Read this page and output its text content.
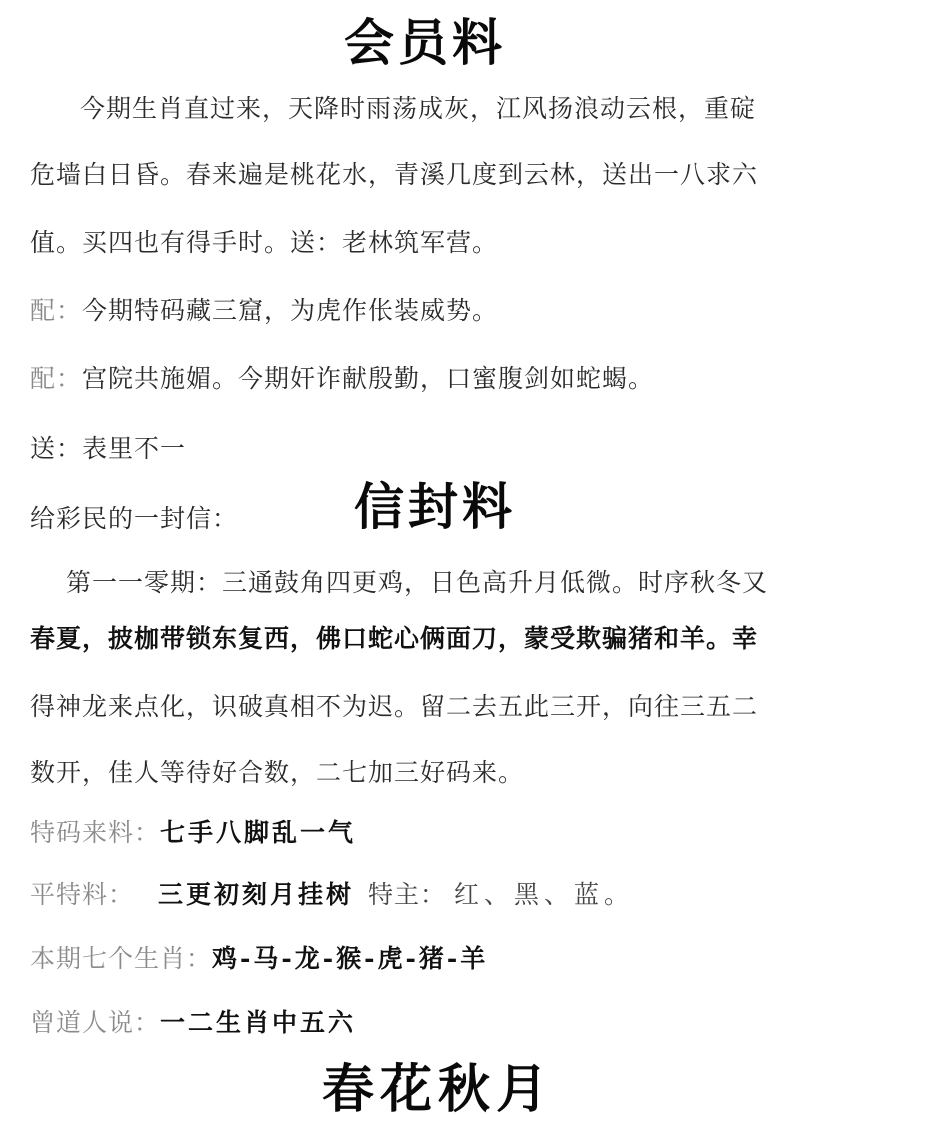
会员料
今期生肖直过来，天降时雨荡成灰，江风扬浪动云根，重碇
危墙白日昏。春来遍是桃花水，青溪几度到云林，送出一八求六
值。买四也有得手时。送：老林筑军营。
配：今期特码藏三窟，为虎作伥装威势。
配：宫院共施媚。今期奸诈献殷勤，口蜜腹剑如蛇蝎。
送：表里不一
给彩民的一封信： 信封料
第一一零期：三通鼓角四更鸡，日色高升月低微。时序秋冬又
春夏，披枷带锁东复西，佛口蛇心俩面刀，蒙受欺骗猪和羊。幸
得神龙来点化，识破真相不为迟。留二去五此三开，向往三五二
数开，佳人等待好合数，二七加三好码来。
特码来料：七手八脚乱一气
平特料： 三更初刻月挂树 特主： 红、黑、蓝。
本期七个生肖：鸡-马-龙-猴-虎-猪-羊
曾道人说：一二生肖中五六
春花秋月
